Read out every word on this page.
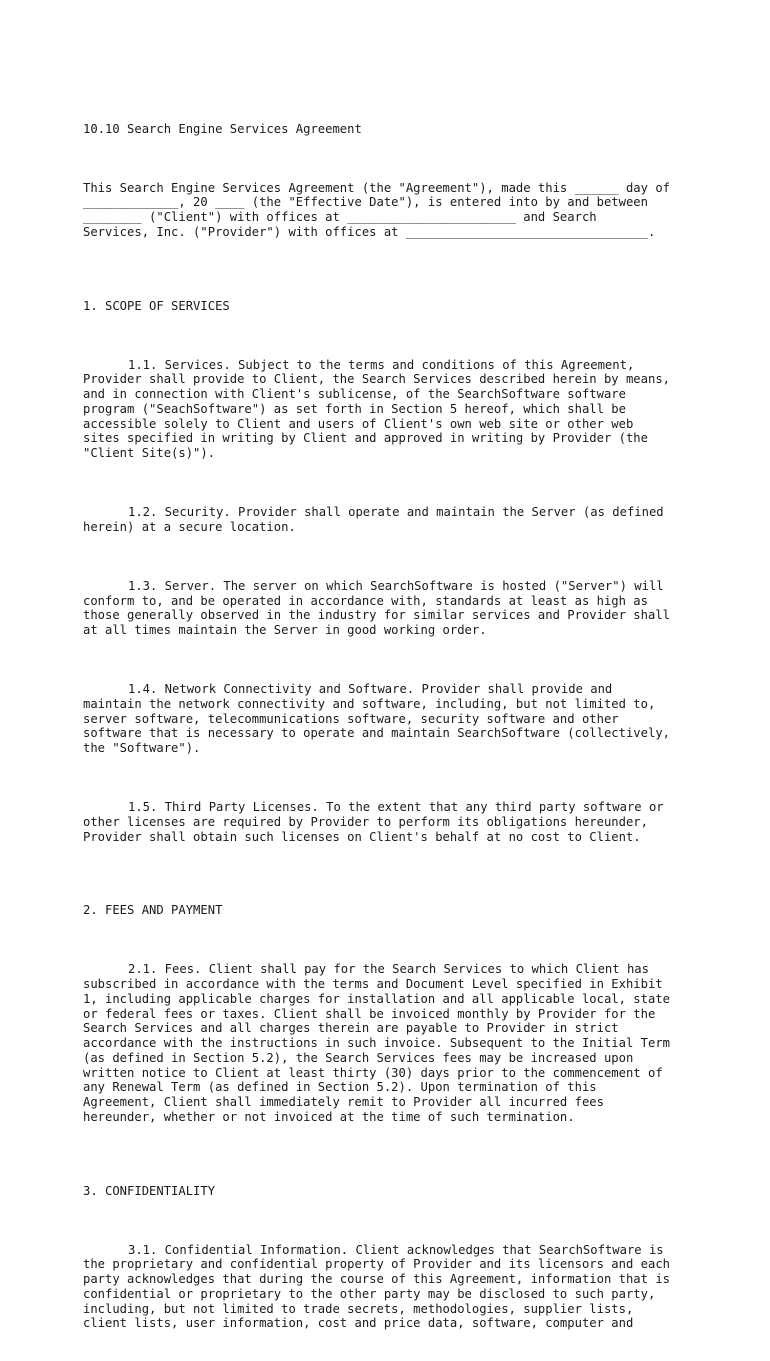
10.10 Search Engine Services Agreement

This Search Engine Services Agreement (the "Agreement"), made this ______ day of
_____________, 20 ____ (the "Effective Date"), is entered into by and between
________ ("Client") with offices at _______________________ and Search
Services, Inc. ("Provider") with offices at _________________________________.

1. SCOPE OF SERVICES

1.1. Services. Subject to the terms and conditions of this Agreement,
Provider shall provide to Client, the Search Services described herein by means,
and in connection with Client's sublicense, of the SearchSoftware software
program ("SeachSoftware") as set forth in Section 5 hereof, which shall be
accessible solely to Client and users of Client's own web site or other web
sites specified in writing by Client and approved in writing by Provider (the
"Client Site(s)").

1.2. Security. Provider shall operate and maintain the Server (as defined
herein) at a secure location.

1.3. Server. The server on which SearchSoftware is hosted ("Server") will
conform to, and be operated in accordance with, standards at least as high as
those generally observed in the industry for similar services and Provider shall
at all times maintain the Server in good working order.

1.4. Network Connectivity and Software. Provider shall provide and
maintain the network connectivity and software, including, but not limited to,
server software, telecommunications software, security software and other
software that is necessary to operate and maintain SearchSoftware (collectively,
the "Software").

1.5. Third Party Licenses. To the extent that any third party software or
other licenses are required by Provider to perform its obligations hereunder,
Provider shall obtain such licenses on Client's behalf at no cost to Client.

2. FEES AND PAYMENT

2.1. Fees. Client shall pay for the Search Services to which Client has
subscribed in accordance with the terms and Document Level specified in Exhibit
1, including applicable charges for installation and all applicable local, state
or federal fees or taxes. Client shall be invoiced monthly by Provider for the
Search Services and all charges therein are payable to Provider in strict
accordance with the instructions in such invoice. Subsequent to the Initial Term
(as defined in Section 5.2), the Search Services fees may be increased upon
written notice to Client at least thirty (30) days prior to the commencement of
any Renewal Term (as defined in Section 5.2). Upon termination of this
Agreement, Client shall immediately remit to Provider all incurred fees
hereunder, whether or not invoiced at the time of such termination.

3. CONFIDENTIALITY

3.1. Confidential Information. Client acknowledges that SearchSoftware is
the proprietary and confidential property of Provider and its licensors and each
party acknowledges that during the course of this Agreement, information that is
confidential or proprietary to the other party may be disclosed to such party,
including, but not limited to trade secrets, methodologies, supplier lists,
client lists, user information, cost and price data, software, computer and
